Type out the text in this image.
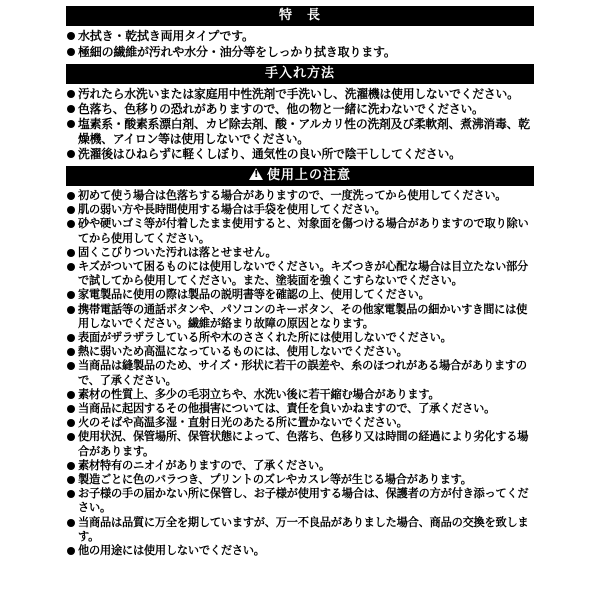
特　長
水拭き・乾拭き両用タイプです。
極細の繊維が汚れや水分・油分等をしっかり拭き取ります。
手入れ方法
汚れたら水洗いまたは家庭用中性洗剤で手洗いし、洗濯機は使用しないでください。
色落ち、色移りの恐れがありますので、他の物と一緒に洗わないでください。
塩素系・酸素系漂白剤、カビ除去剤、酸・アルカリ性の洗剤及び柔軟剤、煮沸消毒、乾燥機、アイロン等は使用しないでください。
洗濯後はひねらずに軽くしぼり、通気性の良い所で陰干ししてください。
!使用上の注意
初めて使う場合は色落ちする場合がありますので、一度洗ってから使用してください。
肌の弱い方や長時間使用する場合は手袋を使用してください。
砂や硬いゴミ等が付着したまま使用すると、対象面を傷つける場合がありますので取り除いてから使用してください。
固くこびりついた汚れは落とせません。
キズがついて困るものには使用しないでください。キズつきが心配な場合は目立たない部分で試してから使用してください。また、塗装面を強くこすらないでください。
家電製品に使用の際は製品の説明書等を確認の上、使用してください。
携帯電話等の通話ボタンや、パソコンのキーボタン、その他家電製品の細かいすき間には使用しないでください。繊維が絡まり故障の原因となります。
表面がザラザラしている所や木のささくれた所には使用しないでください。
熱に弱いため高温になっているものには、使用しないでください。
当商品は縫製品のため、サイズ・形状に若干の誤差や、糸のほつれがある場合がありますので、了承ください。
素材の性質上、多少の毛羽立ちや、水洗い後に若干縮む場合があります。
当商品に起因するその他損害については、責任を負いかねますので、了承ください。
火のそばや高温多湿・直射日光のあたる所に置かないでください。
使用状況、保管場所、保管状態によって、色落ち、色移り又は時間の経過により劣化する場合があります。
素材特有のニオイがありますので、了承ください。
製造ごとに色のバラつき、プリントのズレやカスレ等が生じる場合があります。
お子様の手の届かない所に保管し、お子様が使用する場合は、保護者の方が付き添ってください。
当商品は品質に万全を期していますが、万一不良品がありました場合、商品の交換を致します。
他の用途には使用しないでください。
